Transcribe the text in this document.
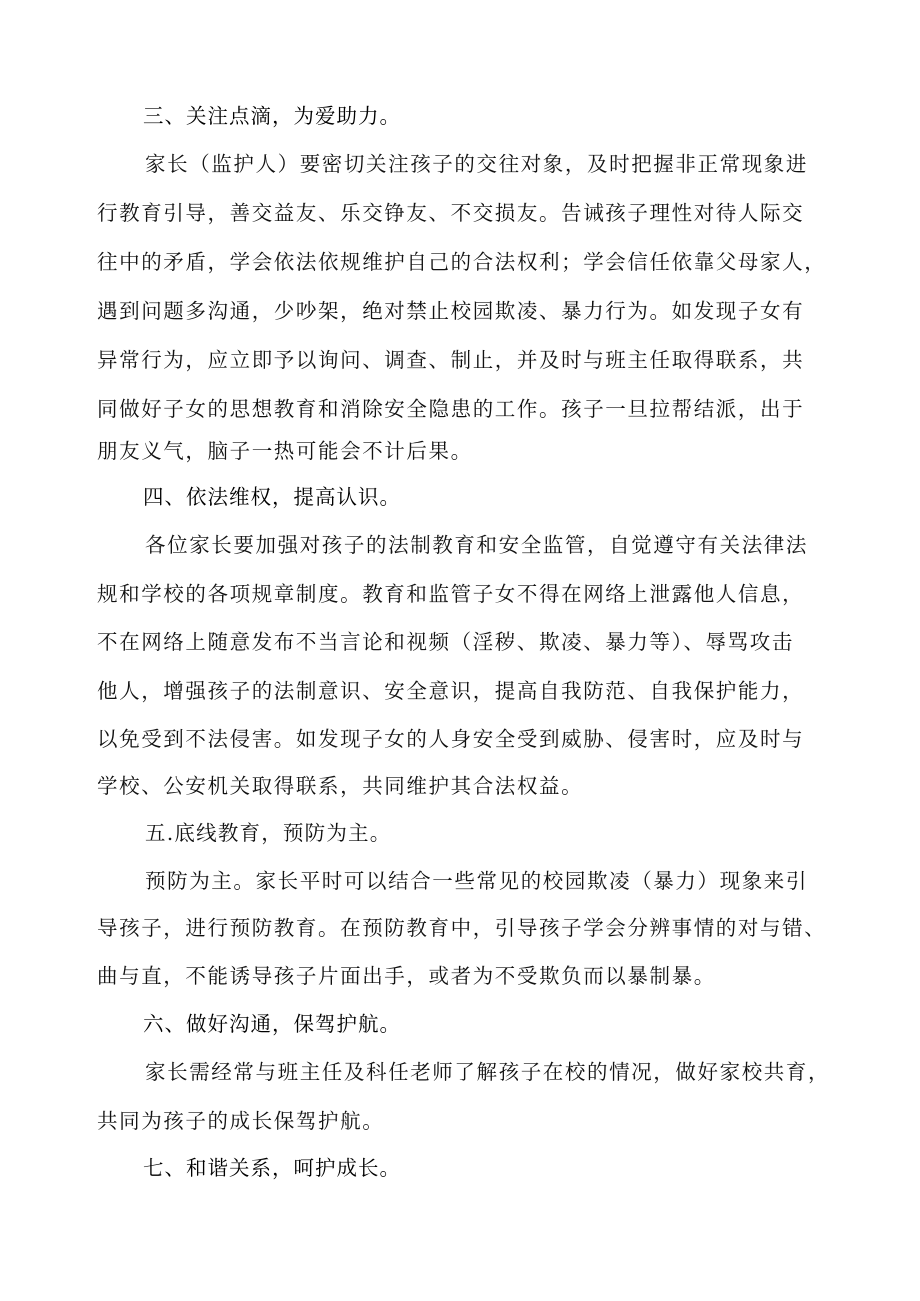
三、关注点滴，为爱助力。
家长（监护人）要密切关注孩子的交往对象，及时把握非正常现象进
行教育引导，善交益友、乐交铮友、不交损友。告诫孩子理性对待人际交
往中的矛盾，学会依法依规维护自己的合法权利；学会信任依靠父母家人，
遇到问题多沟通，少吵架，绝对禁止校园欺凌、暴力行为。如发现子女有
异常行为，应立即予以询问、调查、制止，并及时与班主任取得联系，共
同做好子女的思想教育和消除安全隐患的工作。孩子一旦拉帮结派，出于
朋友义气，脑子一热可能会不计后果。
四、依法维权，提高认识。
各位家长要加强对孩子的法制教育和安全监管，自觉遵守有关法律法
规和学校的各项规章制度。教育和监管子女不得在网络上泄露他人信息，
不在网络上随意发布不当言论和视频（淫秽、欺凌、暴力等）、辱骂攻击
他人，增强孩子的法制意识、安全意识，提高自我防范、自我保护能力，
以免受到不法侵害。如发现子女的人身安全受到威胁、侵害时，应及时与
学校、公安机关取得联系，共同维护其合法权益。
五.底线教育，预防为主。
预防为主。家长平时可以结合一些常见的校园欺凌（暴力）现象来引
导孩子，进行预防教育。在预防教育中，引导孩子学会分辨事情的对与错、
曲与直，不能诱导孩子片面出手，或者为不受欺负而以暴制暴。
六、做好沟通，保驾护航。
家长需经常与班主任及科任老师了解孩子在校的情况，做好家校共育，
共同为孩子的成长保驾护航。
七、和谐关系，呵护成长。
